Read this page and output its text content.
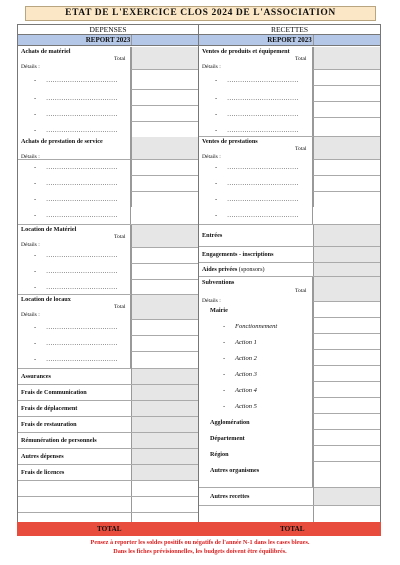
ETAT DE L'EXERCICE CLOS 2024 DE L'ASSOCIATION
DEPENSES
REPORT 2023
Achats de matériel
Total
Détails :
- ……………………………
- ……………………………
- ……………………………
- ……………………………
Achats de prestation de service
Détails :
- ……………………………
- ……………………………
- ……………………………
- ……………………………
Location de Matériel
Total
Détails :
- ……………………………
- ……………………………
- ……………………………
Location de locaux
Total
Détails :
- ……………………………
- ……………………………
- ……………………………
Assurances
Frais de Communication
Frais de déplacement
Frais de restauration
Rémunération de personnels
Autres dépenses
Frais de licences
RECETTES
REPORT 2023
Ventes de produits et équipement
Total
Détails :
- ……………………………
- ……………………………
- ……………………………
- ……………………………
Ventes de prestations
Total
Détails :
- ……………………………
- ……………………………
- ……………………………
- ……………………………
Entrées
Engagements - inscriptions
Aides privées (sponsors)
Subventions
Total
Détails :
Mairie
- Fonctionnement
- Action 1
- Action 2
- Action 3
- Action 4
- Action 5
Agglomération
Département
Région
Autres organismes
Autres recettes
TOTAL	TOTAL
Pensez à reporter les soldes positifs ou négatifs de l'année N-1 dans les cases bleues.
Dans les fiches prévisionnelles, les budgets doivent être équilibrés.
